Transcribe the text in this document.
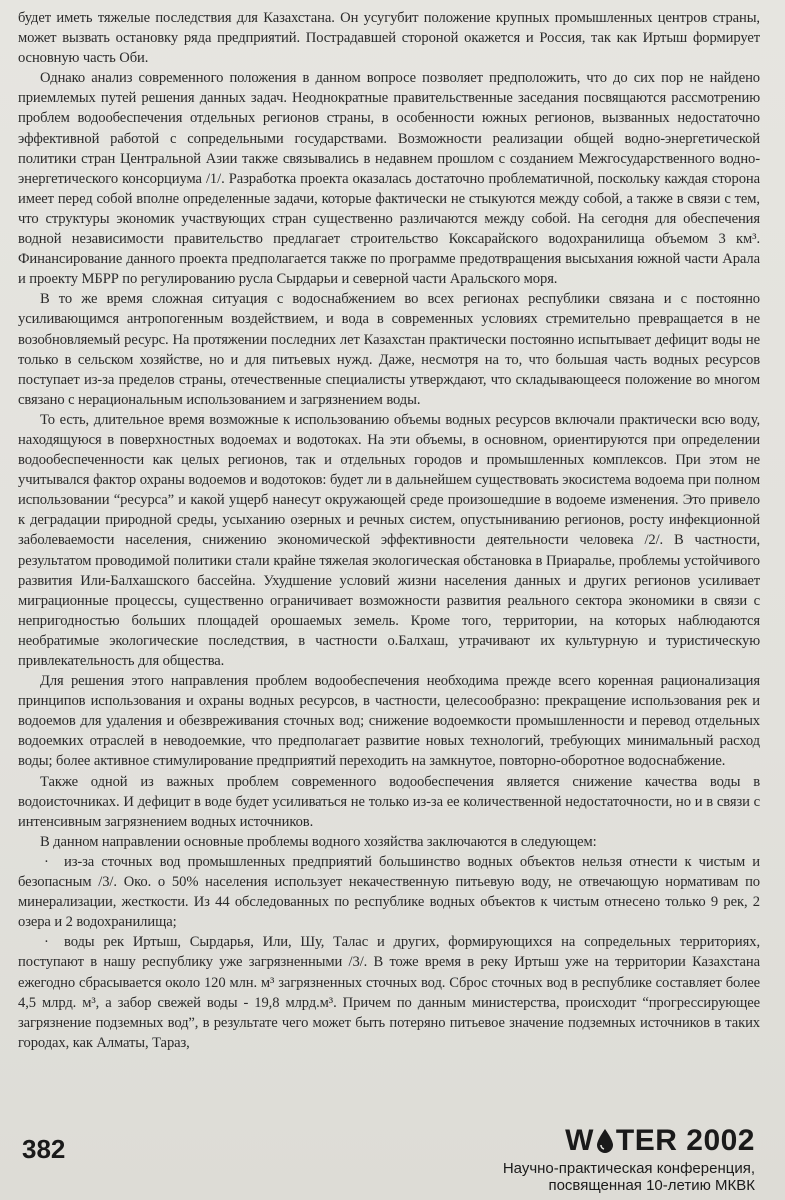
будет иметь тяжелые последствия для Казахстана. Он усугубит положение крупных промышленных центров страны, может вызвать остановку ряда предприятий. Пострадавшей стороной окажется и Россия, так как Иртыш формирует основную часть Оби.

Однако анализ современного положения в данном вопросе позволяет предположить, что до сих пор не найдено приемлемых путей решения данных задач. Неоднократные правительственные заседания посвящаются рассмотрению проблем водообеспечения отдельных регионов страны, в особенности южных регионов, вызванных недостаточно эффективной работой с сопредельными государствами. Возможности реализации общей водно-энергетической политики стран Центральной Азии также связывались в недавнем прошлом с созданием Межгосударственного водно-энергетического консорциума /1/. Разработка проекта оказалась достаточно проблематичной, поскольку каждая сторона имеет перед собой вполне определенные задачи, которые фактически не стыкуются между собой, а также в связи с тем, что структуры экономик участвующих стран существенно различаются между собой. На сегодня для обеспечения водной независимости правительство предлагает строительство Коксарайского водохранилища объемом 3 км³. Финансирование данного проекта предполагается также по программе предотвращения высыхания южной части Арала и проекту МБРР по регулированию русла Сырдарьи и северной части Аральского моря.

В то же время сложная ситуация с водоснабжением во всех регионах республики связана и с постоянно усиливающимся антропогенным воздействием, и вода в современных условиях стремительно превращается в не возобновляемый ресурс. На протяжении последних лет Казахстан практически постоянно испытывает дефицит воды не только в сельском хозяйстве, но и для питьевых нужд. Даже, несмотря на то, что большая часть водных ресурсов поступает из-за пределов страны, отечественные специалисты утверждают, что складывающееся положение во многом связано с нерациональным использованием и загрязнением воды.

То есть, длительное время возможные к использованию объемы водных ресурсов включали практически всю воду, находящуюся в поверхностных водоемах и водотоках. На эти объемы, в основном, ориентируются при определении водообеспеченности как целых регионов, так и отдельных городов и промышленных комплексов. При этом не учитывался фактор охраны водоемов и водотоков: будет ли в дальнейшем существовать экосистема водоема при полном использовании “ресурса” и какой ущерб нанесут окружающей среде произошедшие в водоеме изменения. Это привело к деградации природной среды, усыханию озерных и речных систем, опустыниванию регионов, росту инфекционной заболеваемости населения, снижению экономической эффективности деятельности человека /2/. В частности, результатом проводимой политики стали крайне тяжелая экологическая обстановка в Приаралье, проблемы устойчивого развития Или-Балхашского бассейна. Ухудшение условий жизни населения данных и других регионов усиливает миграционные процессы, существенно ограничивает возможности развития реального сектора экономики в связи с непригодностью больших площадей орошаемых земель. Кроме того, территории, на которых наблюдаются необратимые экологические последствия, в частности о.Балхаш, утрачивают их культурную и туристическую привлекательность для общества.

Для решения этого направления проблем водообеспечения необходима прежде всего коренная рационализация принципов использования и охраны водных ресурсов, в частности, целесообразно: прекращение использования рек и водоемов для удаления и обезвреживания сточных вод; снижение водоемкости промышленности и перевод отдельных водоемких отраслей в неводоемкие, что предполагает развитие новых технологий, требующих минимальный расход воды; более активное стимулирование предприятий переходить на замкнутое, повторно-оборотное водоснабжение.

Также одной из важных проблем современного водообеспечения является снижение качества воды в водоисточниках. И дефицит в воде будет усиливаться не только из-за ее количественной недостаточности, но и в связи с интенсивным загрязнением водных источников.

В данном направлении основные проблемы водного хозяйства заключаются в следующем:

· из-за сточных вод промышленных предприятий большинство водных объектов нельзя отнести к чистым и безопасным /3/. Око. о 50% населения использует некачественную питьевую воду, не отвечающую нормативам по минерализации, жесткости. Из 44 обследованных по республике водных объектов к чистым отнесено только 9 рек, 2 озера и 2 водохранилища;

· воды рек Иртыш, Сырдарья, Или, Шу, Талас и других, формирующихся на сопредельных территориях, поступают в нашу республику уже загрязненными /3/. В тоже время в реку Иртыш уже на территории Казахстана ежегодно сбрасывается около 120 млн. м³ загрязненных сточных вод. Сброс сточных вод в республике составляет более 4,5 млрд. м³, а забор свежей воды - 19,8 млрд.м³. Причем по данным министерства, происходит “прогрессирующее загрязнение подземных вод”, в результате чего может быть потеряно питьевое значение подземных источников в таких городах, как Алматы, Тараз,

382	W TER 2002
Научно-практическая конференция,
посвященная 10-летию МКВК
